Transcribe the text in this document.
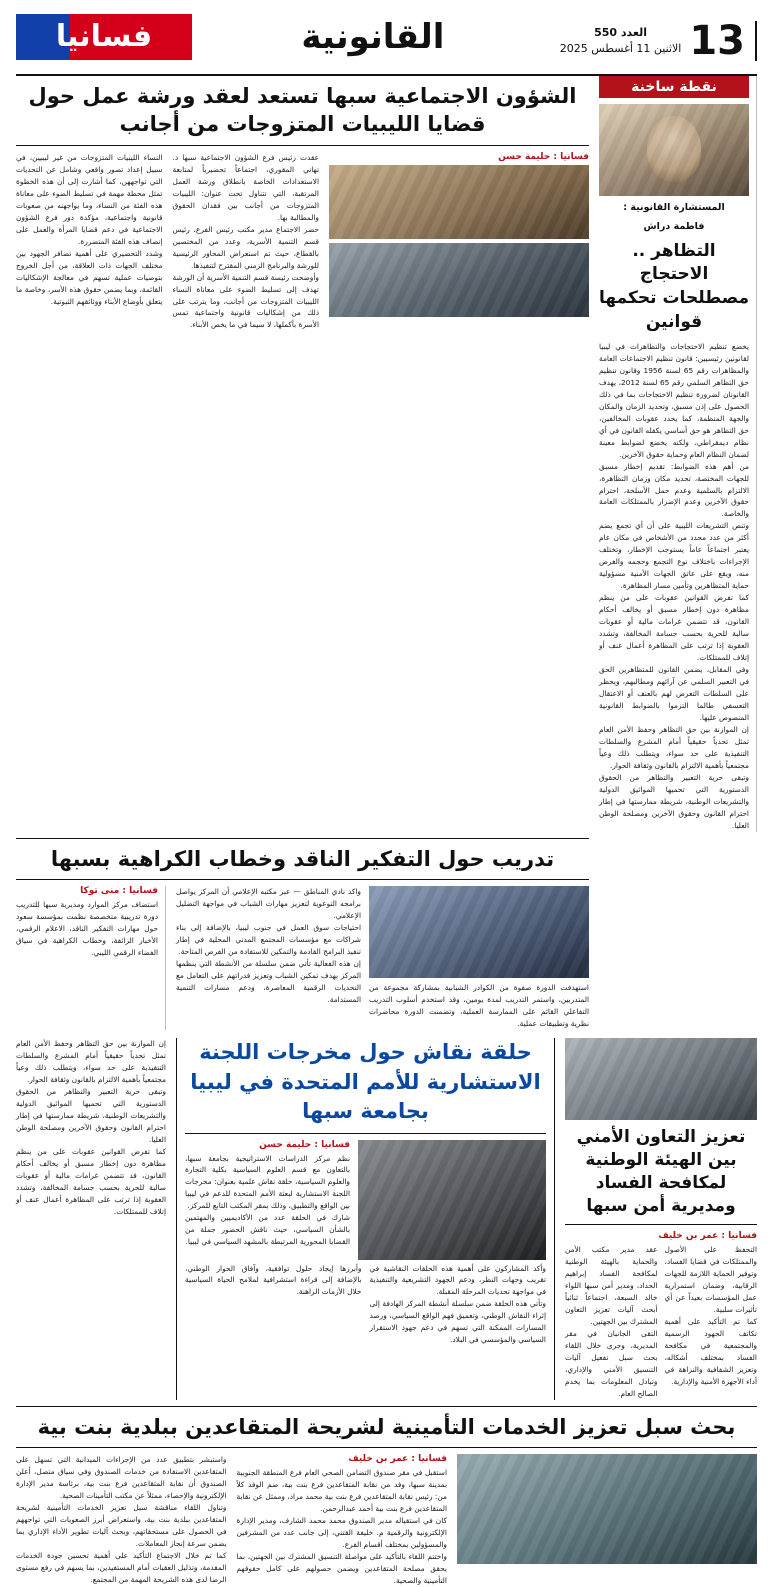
13
العدد 550
الاثنين 11 أغسطس 2025
القانونية
فسانيا
نقطة ساخنة
المستشارة القانونية :
فاطمة دراش
التظاهر .. الاحتجاج مصطلحات تحكمها قوانين
يخضع تنظيم الاحتجاجات والتظاهرات في ليبيا لقانونين رئيسيين: قانون تنظيم الاجتماعات العامة والمظاهرات رقم 65 لسنة 1956 وقانون تنظيم حق التظاهر السلمي رقم 65 لسنة 2012، يهدف القانونان لضرورة تنظيم الاحتجاجات بما في ذلك الحصول على إذن مسبق، وتحديد الزمان والمكان والجهة المنظمة، كما يحدد عقوبات المخالفين، حق التظاهر هو حق أساسي يكفله القانون في أي نظام ديمقراطي، ولكنه يخضع لضوابط معينة لضمان النظام العام وحماية حقوق الآخرين.
من أهم هذه الضوابط: تقديم إخطار مسبق للجهات المختصة، تحديد مكان وزمان التظاهرة، الالتزام بالسلمية وعدم حمل الأسلحة، احترام حقوق الآخرين وعدم الإضرار بالممتلكات العامة والخاصة.
وتنص التشريعات الليبية على أن أي تجمع يضم أكثر من عدد محدد من الأشخاص في مكان عام يعتبر اجتماعاً عاماً يستوجب الإخطار، وتختلف الإجراءات باختلاف نوع التجمع وحجمه والغرض منه، ويقع على عاتق الجهات الأمنية مسؤولية حماية المتظاهرين وتأمين مسار المظاهرة.
كما تفرض القوانين عقوبات على من ينظم مظاهرة دون إخطار مسبق أو يخالف أحكام القانون، قد تتضمن غرامات مالية أو عقوبات سالبة للحرية بحسب جسامة المخالفة، وتشدد العقوبة إذا ترتب على المظاهرة أعمال عنف أو إتلاف للممتلكات.
وفي المقابل، يضمن القانون للمتظاهرين الحق في التعبير السلمي عن آرائهم ومطالبهم، ويحظر على السلطات التعرض لهم بالعنف أو الاعتقال التعسفي طالما التزموا بالضوابط القانونية المنصوص عليها.
إن الموازنة بين حق التظاهر وحفظ الأمن العام تمثل تحدياً حقيقياً أمام المشرع والسلطات التنفيذية على حد سواء، ويتطلب ذلك وعياً مجتمعياً بأهمية الالتزام بالقانون وثقافة الحوار.
وتبقى حرية التعبير والتظاهر من الحقوق الدستورية التي تحميها المواثيق الدولية والتشريعات الوطنية، شريطة ممارستها في إطار احترام القانون وحقوق الآخرين ومصلحة الوطن العليا.
الشؤون الاجتماعية سبها تستعد لعقد ورشة عمل حول قضايا الليبيات المتزوجات من أجانب
فسانيا : حليمة حسن
عقدت رئيس فرع الشؤون الاجتماعية سبها د. تهاني المقوري، اجتماعاً تحضيرياً لمتابعة الاستعدادات الخاصة بانطلاق ورشة العمل المرتقبة، التي تتناول تحت عنوان: الليبيات المتزوجات من أجانب بين فقدان الحقوق والمطالبة بها.
حضر الاجتماع مدير مكتب رئيس الفرع، رئيس قسم التنمية الأسرية، وعدد من المختصين بالقطاع، حيث تم استعراض المحاور الرئيسية للورشة والبرنامج الزمني المقترح لتنفيذها.
وأوضحت رئيسة قسم التنمية الأسرية أن الورشة تهدف إلى تسليط الضوء على معاناة النساء الليبيات المتزوجات من أجانب، وما يترتب على ذلك من إشكاليات قانونية واجتماعية تمس الأسرة بأكملها، لا سيما في ما يخص الأبناء.
النساء الليبيات المتزوجات من غير ليبيين، في سبيل إعداد تصور واقعي وشامل عن التحديات التي تواجههن، كما أشارت إلى أن هذه الخطوة تمثل محطة مهمة في تسليط الضوء على معاناة هذه الفئة من النساء، وما يواجهنه من صعوبات قانونية واجتماعية، مؤكدة دور فرع الشؤون الاجتماعية في دعم قضايا المرأة والعمل على إنصاف هذه الفئة المتضررة.
وشدد التحضيري على أهمية تضافر الجهود بين مختلف الجهات ذات العلاقة، من أجل الخروج بتوصيات عملية تسهم في معالجة الإشكاليات القائمة، وبما يضمن حقوق هذه الأسر، وخاصة ما يتعلق بأوضاع الأبناء ووثائقهم الثبوتية.
تدريب حول التفكير الناقد وخطاب الكراهية بسبها
استهدفت الدورة صفوة من الكوادر الشبابية بمشاركة مجموعة من المتدربين، واستمر التدريب لمدة يومين، وقد استخدم أسلوب التدريب التفاعلي القائم على الممارسة العملية، وتضمنت الدورة محاضرات نظرية وتطبيقات عملية.
واكد نادي المناطق — عبر مكتبه الإعلامي أن المركز يواصل برامجه التوعوية لتعزيز مهارات الشباب في مواجهة التضليل الإعلامي.
احتياجات سوق العمل في جنوب ليبيا، بالإضافة إلى بناء شراكات مع مؤسسات المجتمع المدني المحلية في إطار تنفيذ البرامج القادمة والتمكين للاستفادة من الفرص المتاحة.
إن هذه الفعالية تأتي ضمن سلسلة من الأنشطة التي ينظمها المركز بهدف تمكين الشباب وتعزيز قدراتهم على التعامل مع التحديات الرقمية المعاصرة، ودعم مسارات التنمية المستدامة.
فسانيا : منى توكا
استضاف مركز الموارد ومديرية سبها للتدريب دورة تدريبية متخصصة نظمت بمؤسسة سعود حول مهارات التفكير الناقد، الاعلام الرقمي، الأخبار الزائفة، وخطاب الكراهية في سياق الفضاء الرقمي الليبي.
تعزيز التعاون الأمني بين الهيئة الوطنية لمكافحة الفساد ومديرية أمن سبها
فسانيا : عمر بن خليف
التحفظ على الأصول والممتلكات في قضايا الفساد، وتوفير الحماية اللازمة للجهات الرقابية، وضمان استمرارية عمل المؤسسات بعيداً عن أي تأثيرات سلبية.
كما تم التأكيد على أهمية تكاتف الجهود الرسمية والمجتمعية في مكافحة الفساد بمختلف أشكاله، وتعزيز الشفافية والنزاهة في أداء الأجهزة الأمنية والإدارية.
عقد مدير مكتب الأمن والحماية بالهيئة الوطنية لمكافحة الفساد إبراهيم الحداد، ومدير أمن سبها اللواء خالد السبعة، اجتماعاً ثنائياً أبحث آليات تعزيز التعاون المشترك بين الجهتين.
التقى الجانبان في مقر المديرية، وجرى خلال اللقاء بحث سبل تفعيل آليات التنسيق الأمني والإداري، وتبادل المعلومات بما يخدم الصالح العام.
حلقة نقاش حول مخرجات اللجنة الاستشارية للأمم المتحدة في ليبيا بجامعة سبها
فسانيا : حليمة حسن
نظم مركز الدراسات الاستراتيجية بجامعة سبها، بالتعاون مع قسم العلوم السياسية بكلية التجارة والعلوم السياسية، حلقة نقاش علمية بعنوان: مخرجات اللجنة الاستشارية لبعثة الأمم المتحدة للدعم في ليبيا بين الواقع والتطبيق، وذلك بمقر المكتب التابع للمركز.
شارك في الحلقة عدد من الأكاديميين والمهتمين بالشأن السياسي، حيث ناقش الحضور جملة من القضايا المحورية المرتبطة بالمشهد السياسي في ليبيا.
وأكد المشاركون على أهمية هذه الحلقات النقاشية في تقريب وجهات النظر، ودعم الجهود التشريعية والتنفيذية في مواجهة تحديات المرحلة المقبلة.
وتأتي هذه الحلقة ضمن سلسلة أنشطة المركز الهادفة إلى إثراء النقاش الوطني، وتعميق فهم الواقع السياسي، ورصد المسارات الممكنة التي تسهم في دعم جهود الاستقرار السياسي والمؤسسي في البلاد.
وأبرزها إيجاد حلول توافقية، وآفاق الحوار الوطني، بالإضافة إلى قراءة استشرافية لملامح الحياة السياسية خلال الأزمات الراهنة.
إن الموازنة بين حق التظاهر وحفظ الأمن العام تمثل تحدياً حقيقياً أمام المشرع والسلطات التنفيذية على حد سواء، ويتطلب ذلك وعياً مجتمعياً بأهمية الالتزام بالقانون وثقافة الحوار.
وتبقى حرية التعبير والتظاهر من الحقوق الدستورية التي تحميها المواثيق الدولية والتشريعات الوطنية، شريطة ممارستها في إطار احترام القانون وحقوق الآخرين ومصلحة الوطن العليا.
كما تفرض القوانين عقوبات على من ينظم مظاهرة دون إخطار مسبق أو يخالف أحكام القانون، قد تتضمن غرامات مالية أو عقوبات سالبة للحرية بحسب جسامة المخالفة، وتشدد العقوبة إذا ترتب على المظاهرة أعمال عنف أو إتلاف للممتلكات.
بحث سبل تعزيز الخدمات التأمينية لشريحة المتقاعدين ببلدية بنت بية
فسانيا : عمر بن خليف
استقبل في مقر صندوق التضامن الصحي العام فرع المنطقة الجنوبية بمدينة سبها، وفد من نقابة المتقاعدين فرع بنت بية، ضم الوفد كلاً من: رئيس نقابة المتقاعدين فرع بنت بية محمد مراد، وممثل عن نقابة المتقاعدين فرع بنت بية أحمد عبدالرحمن.
كان في استقباله مدير الصندوق محمد محمد الشارف، ومدير الإدارة الإلكترونية والرقمية م. خليفة القتني، إلى جانب عدد من المشرفين والمسؤولين بمختلف أقسام الفرع.
واختتم اللقاء بالتأكيد على مواصلة التنسيق المشترك بين الجهتين، بما يحقق مصلحة المتقاعدين ويضمن حصولهم على كامل حقوقهم التأمينية والصحية.
واستبشر بتطبيق عدد من الإجراءات الميدانية التي تسهل على المتقاعدين الاستفادة من خدمات الصندوق وفي سياق متصل، أعلن الصندوق أن نقابة المتقاعدين فرع بنت بية، برئاسة مدير الإدارة الإلكترونية والإحصاء، ممثلاً عن مكتب التأمينات الصحية.
وتناول اللقاء مناقشة سبل تعزيز الخدمات التأمينية لشريحة المتقاعدين ببلدية بنت بية، واستعراض أبرز الصعوبات التي تواجههم في الحصول على مستحقاتهم، وبحث آليات تطوير الأداء الإداري بما يضمن سرعة إنجاز المعاملات.
كما تم خلال الاجتماع التأكيد على أهمية تحسين جودة الخدمات المقدمة، وتذليل العقبات أمام المستفيدين، بما يسهم في رفع مستوى الرضا لدى هذه الشريحة المهمة من المجتمع.
